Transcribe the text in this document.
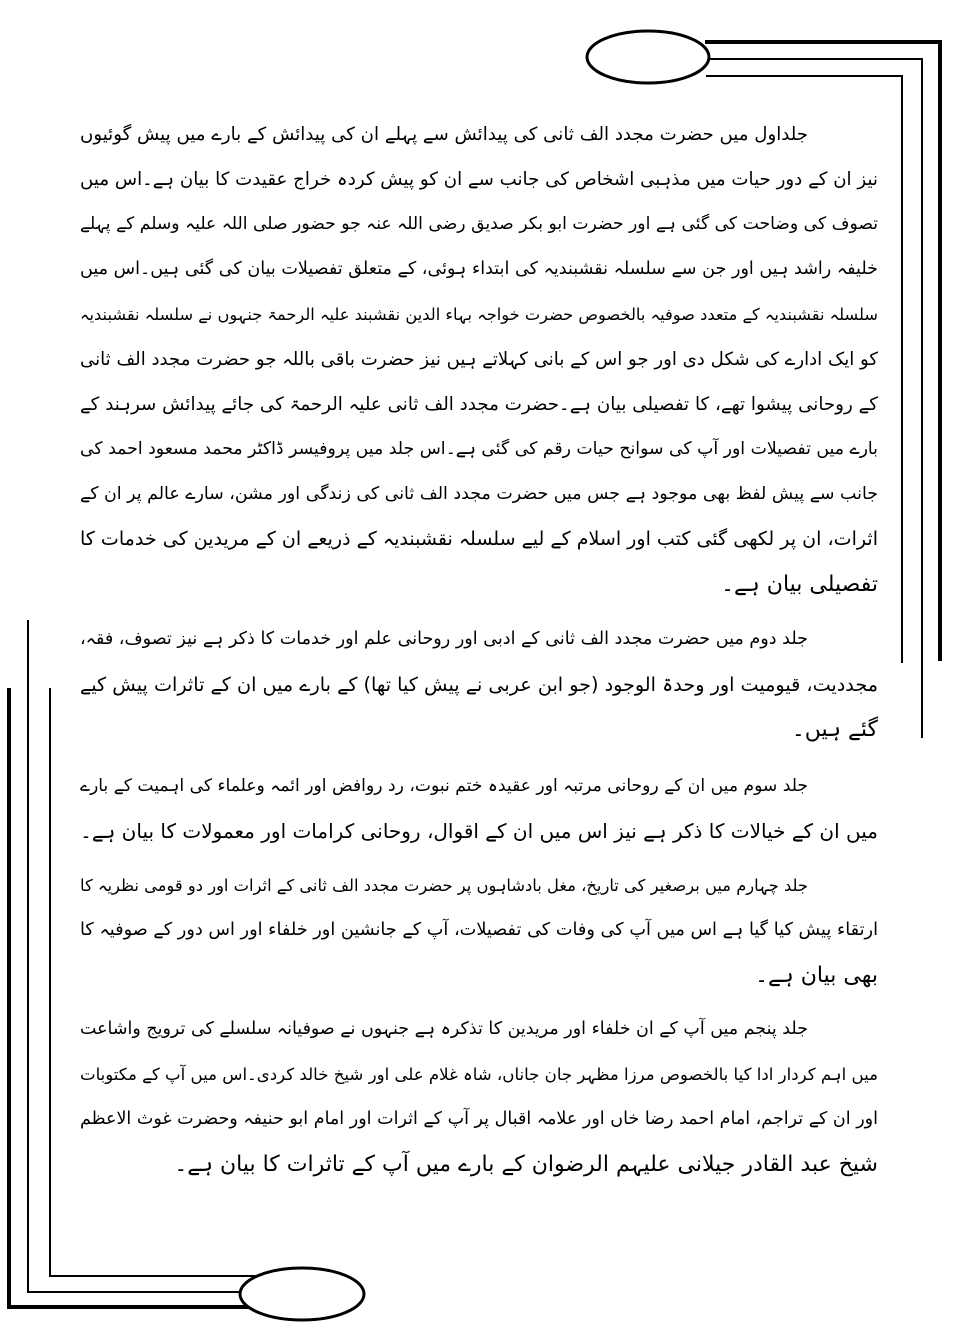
جلداول میں حضرت مجدد الف ثانی کی پیدائش سے پہلے ان کی پیدائش کے بارے میں پیش گوئیوں
نیز ان کے دور حیات میں مذہبی اشخاص کی جانب سے ان کو پیش کردہ خراج عقیدت کا بیان ہے۔اس میں
تصوف کی وضاحت کی گئی ہے اور حضرت ابو بکر صدیق رضی اللہ عنہ جو حضور صلی اللہ علیہ وسلم کے پہلے
خلیفہ راشد ہیں اور جن سے سلسلہ نقشبندیہ کی ابتداء ہوئی، کے متعلق تفصیلات بیان کی گئی ہیں۔اس میں
سلسلہ نقشبندیہ کے متعدد صوفیہ بالخصوص حضرت خواجہ بہاء الدین نقشبند علیہ الرحمۃ جنہوں نے سلسلہ نقشبندیہ
کو ایک ادارے کی شکل دی اور جو اس کے بانی کہلاتے ہیں نیز حضرت باقی باللہ جو حضرت مجدد الف ثانی
کے روحانی پیشوا تھے، کا تفصیلی بیان ہے۔حضرت مجدد الف ثانی علیہ الرحمۃ کی جائے پیدائش سرہند کے
بارے میں تفصیلات اور آپ کی سوانح حیات رقم کی گئی ہے۔اس جلد میں پروفیسر ڈاکٹر محمد مسعود احمد کی
جانب سے پیش لفظ بھی موجود ہے جس میں حضرت مجدد الف ثانی کی زندگی اور مشن، سارے عالم پر ان کے
اثرات، ان پر لکھی گئی کتب اور اسلام کے لیے سلسلہ نقشبندیہ کے ذریعے ان کے مریدین کی خدمات کا
تفصیلی بیان ہے۔
جلد دوم میں حضرت مجدد الف ثانی کے ادبی اور روحانی علم اور خدمات کا ذکر ہے نیز تصوف، فقہ،
مجددیت، قیومیت اور وحدۃ الوجود (جو ابن عربی نے پیش کیا تھا) کے بارے میں ان کے تاثرات پیش کیے
گئے ہیں۔
جلد سوم میں ان کے روحانی مرتبہ اور عقیدہ ختم نبوت، رد روافض اور ائمہ وعلماء کی اہمیت کے بارے
میں ان کے خیالات کا ذکر ہے نیز اس میں ان کے اقوال، روحانی کرامات اور معمولات کا بیان ہے۔
جلد چہارم میں برصغیر کی تاریخ، مغل بادشاہوں پر حضرت مجدد الف ثانی کے اثرات اور دو قومی نظریہ کا
ارتقاء پیش کیا گیا ہے اس میں آپ کی وفات کی تفصیلات، آپ کے جانشین اور خلفاء اور اس دور کے صوفیہ کا
بھی بیان ہے۔
جلد پنجم میں آپ کے ان خلفاء اور مریدین کا تذکرہ ہے جنہوں نے صوفیانہ سلسلے کی ترویج واشاعت
میں اہم کردار ادا کیا بالخصوص مرزا مظہر جان جاناں، شاہ غلام علی اور شیخ خالد کردی۔اس میں آپ کے مکتوبات
اور ان کے تراجم، امام احمد رضا خاں اور علامہ اقبال پر آپ کے اثرات اور امام ابو حنیفہ وحضرت غوث الاعظم
شیخ عبد القادر جیلانی علیہم الرضوان کے بارے میں آپ کے تاثرات کا بیان ہے۔
